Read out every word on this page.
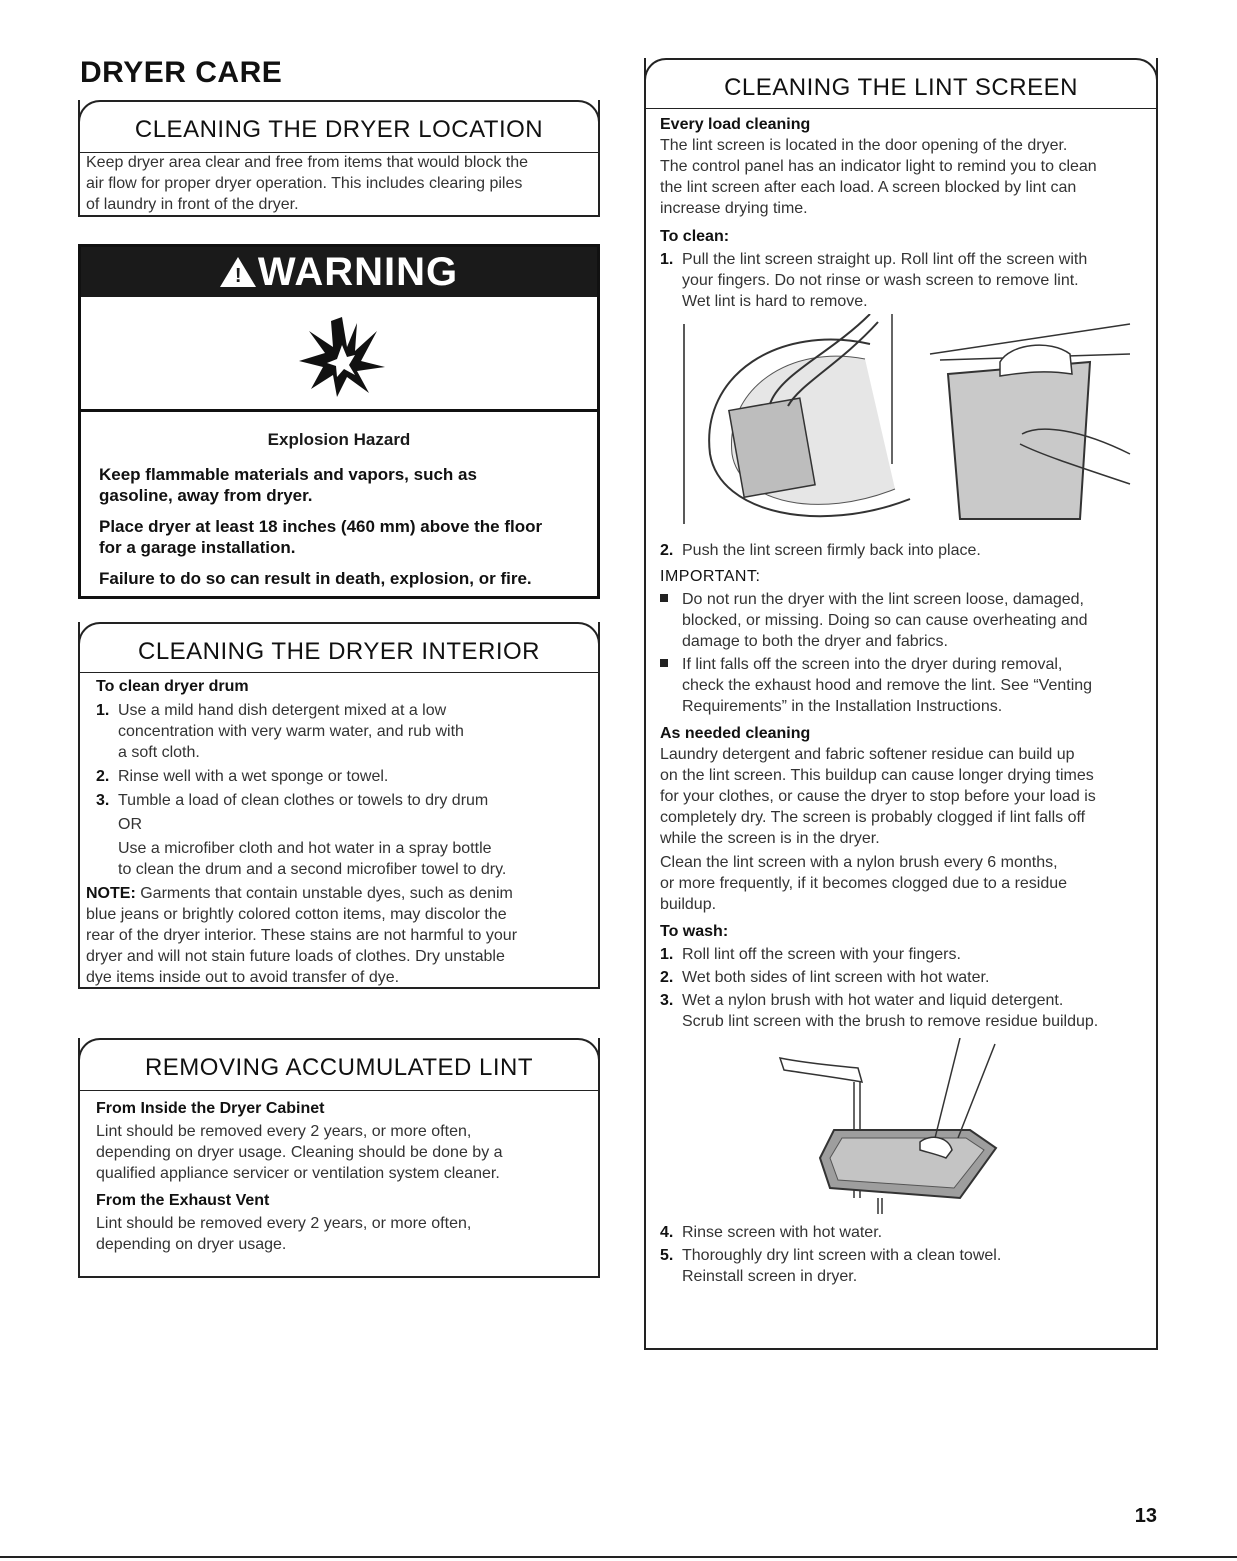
DRYER CARE
CLEANING THE DRYER LOCATION
Keep dryer area clear and free from items that would block the
air flow for proper dryer operation. This includes clearing piles
of laundry in front of the dryer.
! WARNING
Explosion Hazard
Keep flammable materials and vapors, such as
gasoline, away from dryer.
Place dryer at least 18 inches (460 mm) above the floor
for a garage installation.
Failure to do so can result in death, explosion, or fire.
CLEANING THE DRYER INTERIOR
To clean dryer drum
1. Use a mild hand dish detergent mixed at a low
concentration with very warm water, and rub with
a soft cloth.
2. Rinse well with a wet sponge or towel.
3. Tumble a load of clean clothes or towels to dry drum
OR
Use a microfiber cloth and hot water in a spray bottle
to clean the drum and a second microfiber towel to dry.
NOTE: Garments that contain unstable dyes, such as denim
blue jeans or brightly colored cotton items, may discolor the
rear of the dryer interior. These stains are not harmful to your
dryer and will not stain future loads of clothes. Dry unstable
dye items inside out to avoid transfer of dye.
REMOVING ACCUMULATED LINT
From Inside the Dryer Cabinet
Lint should be removed every 2 years, or more often,
depending on dryer usage. Cleaning should be done by a
qualified appliance servicer or ventilation system cleaner.
From the Exhaust Vent
Lint should be removed every 2 years, or more often,
depending on dryer usage.
CLEANING THE LINT SCREEN
Every load cleaning
The lint screen is located in the door opening of the dryer.
The control panel has an indicator light to remind you to clean
the lint screen after each load. A screen blocked by lint can
increase drying time.
To clean:
1. Pull the lint screen straight up. Roll lint off the screen with
your fingers. Do not rinse or wash screen to remove lint.
Wet lint is hard to remove.
2. Push the lint screen firmly back into place.
IMPORTANT:
Do not run the dryer with the lint screen loose, damaged,
blocked, or missing. Doing so can cause overheating and
damage to both the dryer and fabrics.
If lint falls off the screen into the dryer during removal,
check the exhaust hood and remove the lint. See “Venting
Requirements” in the Installation Instructions.
As needed cleaning
Laundry detergent and fabric softener residue can build up
on the lint screen. This buildup can cause longer drying times
for your clothes, or cause the dryer to stop before your load is
completely dry. The screen is probably clogged if lint falls off
while the screen is in the dryer.
Clean the lint screen with a nylon brush every 6 months,
or more frequently, if it becomes clogged due to a residue
buildup.
To wash:
1. Roll lint off the screen with your fingers.
2. Wet both sides of lint screen with hot water.
3. Wet a nylon brush with hot water and liquid detergent.
Scrub lint screen with the brush to remove residue buildup.
4. Rinse screen with hot water.
5. Thoroughly dry lint screen with a clean towel.
Reinstall screen in dryer.
13
